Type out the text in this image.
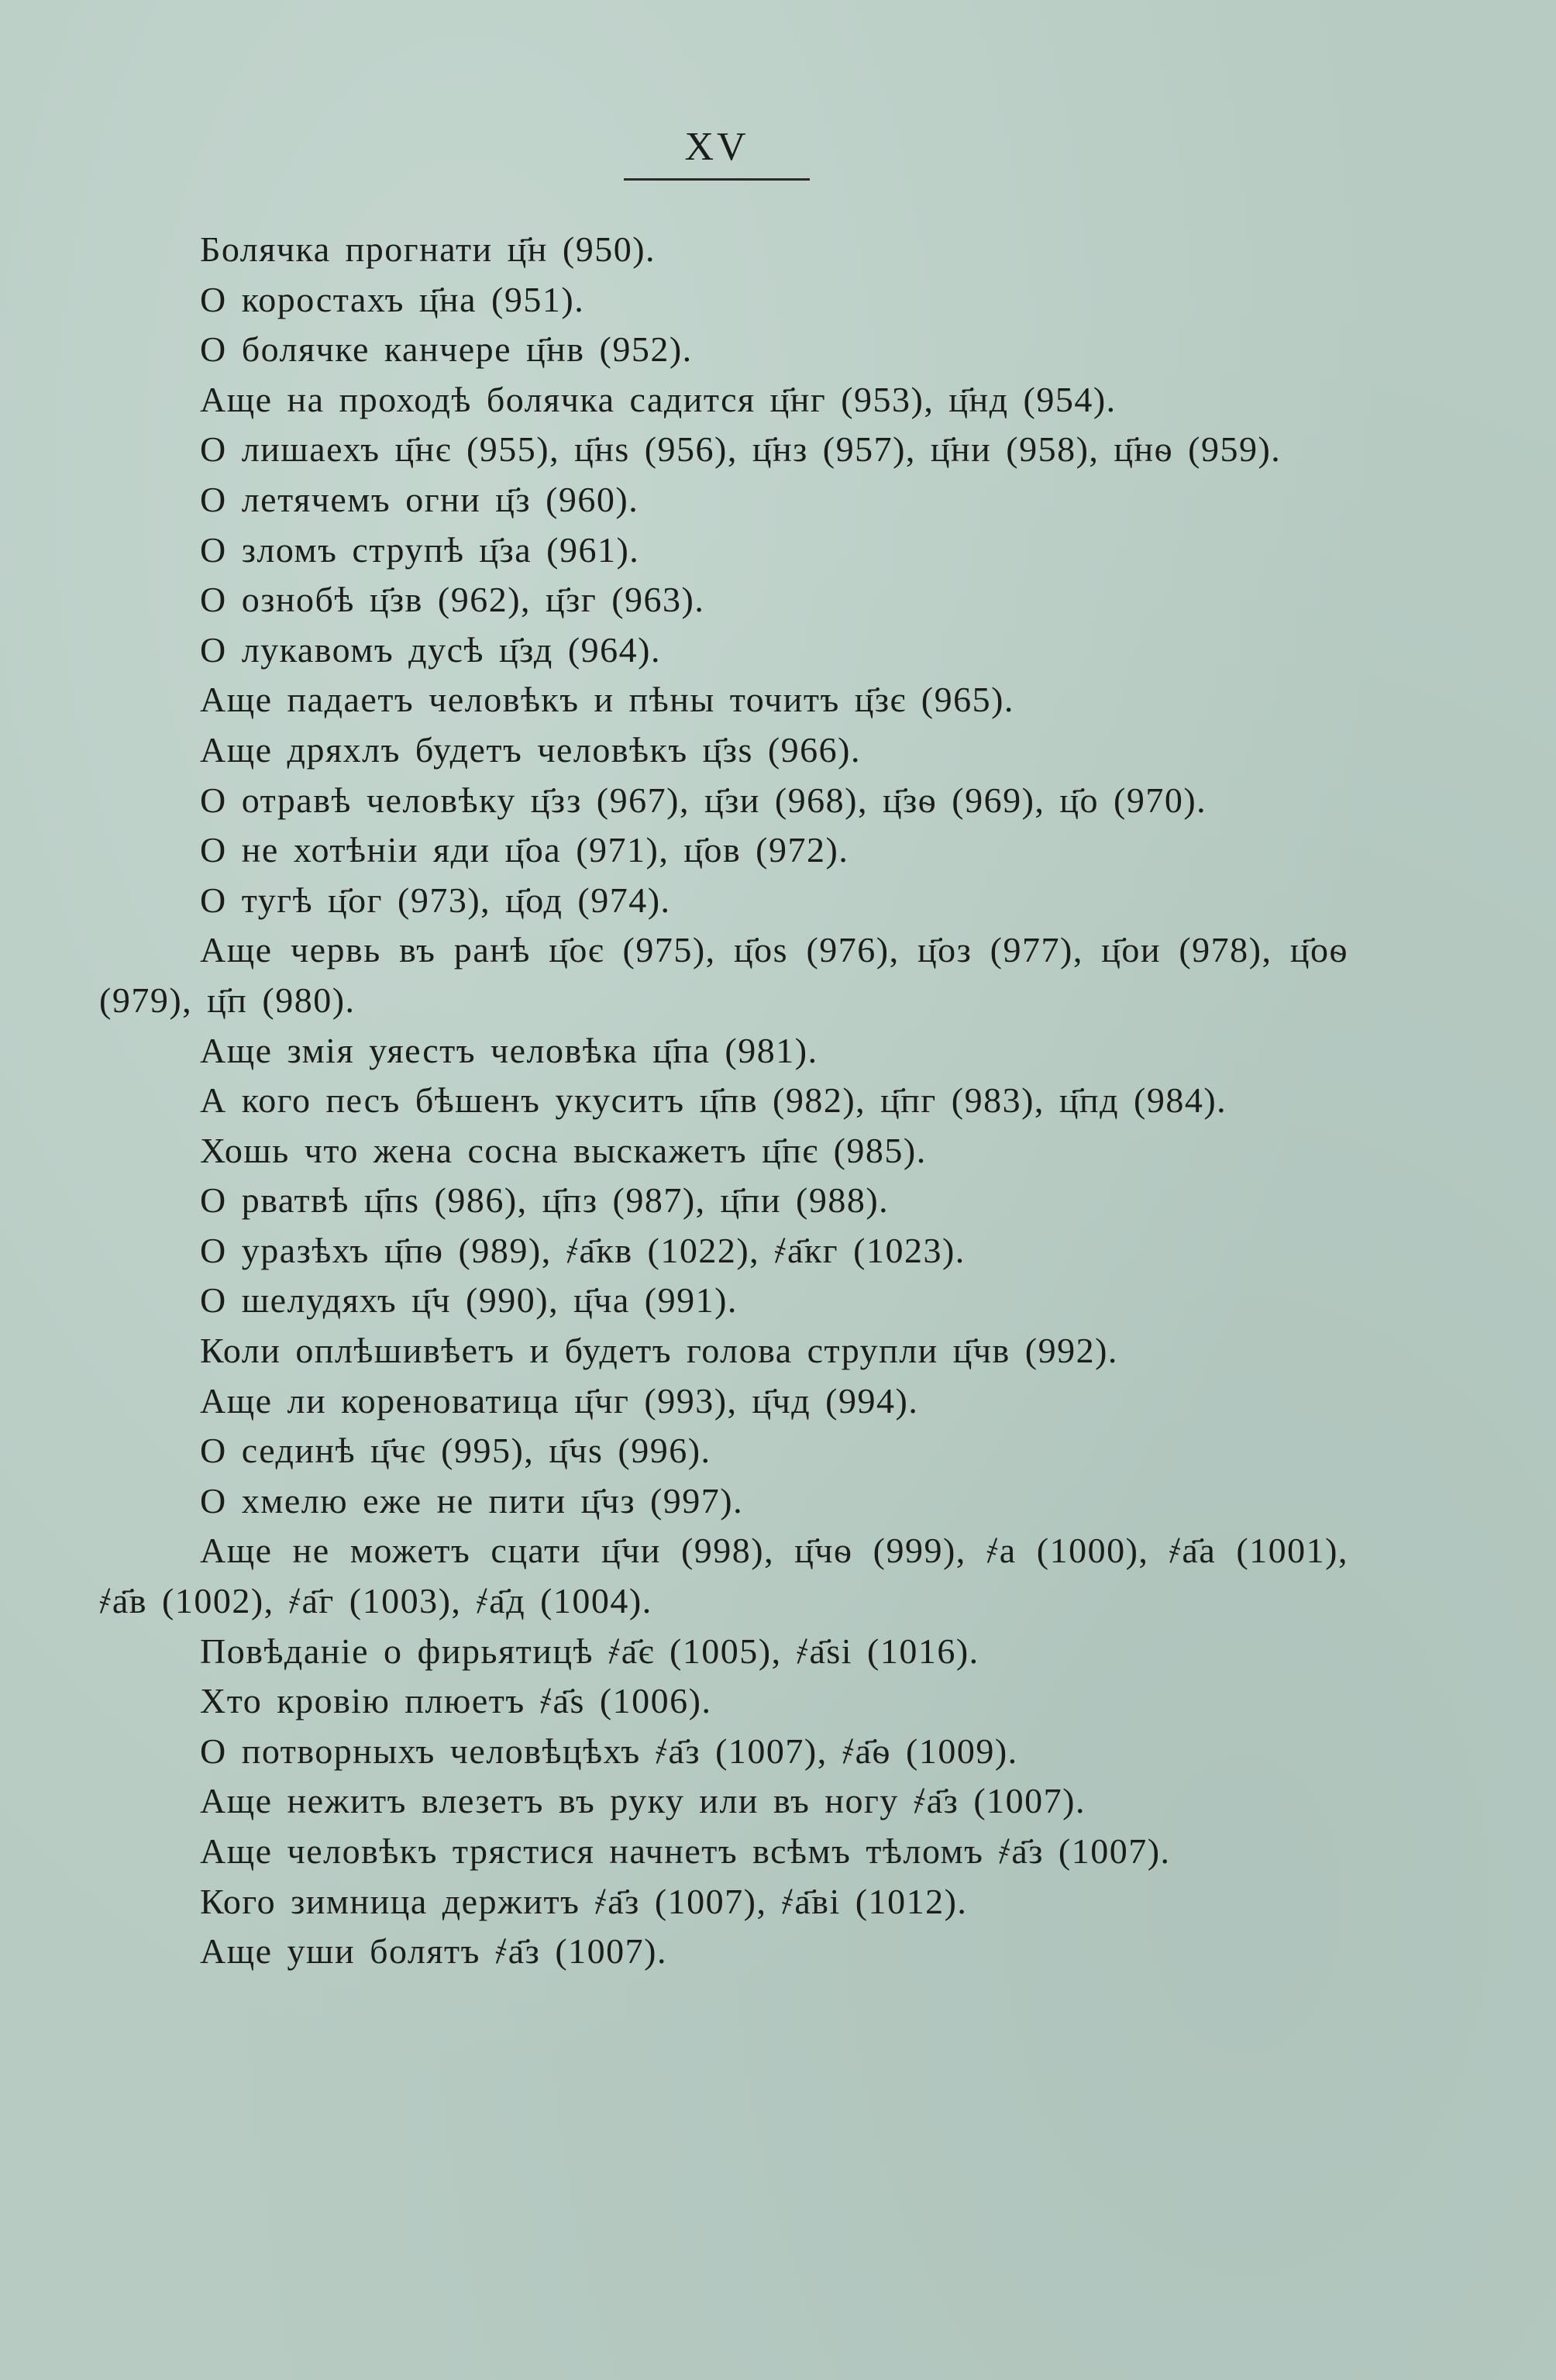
XV
Болячка прогнати ц҃н (950).
О коростахъ ц҃на (951).
О болячке канчере ц҃нв (952).
Аще на проходѣ болячка садится ц҃нг (953), ц҃нд (954).
О лишаехъ ц҃нє (955), ц҃нѕ (956), ц҃нз (957), ц҃ни (958), ц҃нѳ (959).
О летячемъ огни ц҃з (960).
О зломъ струпѣ ц҃за (961).
О ознобѣ ц҃зв (962), ц҃зг (963).
О лукавомъ дусѣ ц҃зд (964).
Аще падаетъ человѣкъ и пѣны точитъ ц҃зє (965).
Аще дряхлъ будетъ человѣкъ ц҃зѕ (966).
О отравѣ человѣку ц҃зз (967), ц҃зи (968), ц҃зѳ (969), ц҃о (970).
О не хотѣніи яди ц҃оа (971), ц҃ов (972).
О тугѣ ц҃ог (973), ц҃од (974).
Аще червь въ ранѣ ц҃оє (975), ц҃оѕ (976), ц҃оз (977), ц҃ои (978), ц҃оѳ (979), ц҃п (980).
Аще змія уяестъ человѣка ц҃па (981).
А кого песъ бѣшенъ укуситъ ц҃пв (982), ц҃пг (983), ц҃пд (984).
Хошь что жена сосна выскажетъ ц҃пє (985).
О рватвѣ ц҃пѕ (986), ц҃пз (987), ц҃пи (988).
О уразѣхъ ц҃пѳ (989), ҂а҃кв (1022), ҂а҃кг (1023).
О шелудяхъ ц҃ч (990), ц҃ча (991).
Коли оплѣшивѣетъ и будетъ голова струпли ц҃чв (992).
Аще ли кореноватица ц҃чг (993), ц҃чд (994).
О сединѣ ц҃чє (995), ц҃чѕ (996).
О хмелю еже не пити ц҃чз (997).
Аще не можетъ сцати ц҃чи (998), ц҃чѳ (999), ҂а (1000), ҂а҃а (1001), ҂а҃в (1002), ҂а҃г (1003), ҂а҃д (1004).
Повѣданіе о фирьятицѣ ҂а҃є (1005), ҂а҃ѕі (1016).
Хто кровію плюетъ ҂а҃ѕ (1006).
О потворныхъ человѣцѣхъ ҂а҃з (1007), ҂а҃ѳ (1009).
Аще нежитъ влезетъ въ руку или въ ногу ҂а҃з (1007).
Аще человѣкъ трястися начнетъ всѣмъ тѣломъ ҂а҃з (1007).
Кого зимница держитъ ҂а҃з (1007), ҂а҃ві (1012).
Аще уши болятъ ҂а҃з (1007).
